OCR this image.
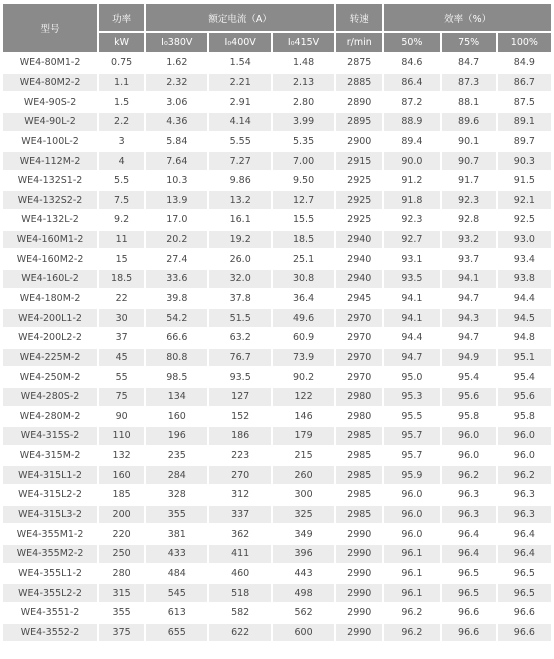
型号	功率	额定电流（A）			转速	效率（%）		
	kW	I₀380V	I₀400V	I₀415V	r/min	50%	75%	100%
WE4-80M1-2	0.75	1.62	1.54	1.48	2875	84.6	84.7	84.9
WE4-80M2-2	1.1	2.32	2.21	2.13	2885	86.4	87.3	86.7
WE4-90S-2	1.5	3.06	2.91	2.80	2890	87.2	88.1	87.5
WE4-90L-2	2.2	4.36	4.14	3.99	2895	88.9	89.6	89.1
WE4-100L-2	3	5.84	5.55	5.35	2900	89.4	90.1	89.7
WE4-112M-2	4	7.64	7.27	7.00	2915	90.0	90.7	90.3
WE4-132S1-2	5.5	10.3	9.86	9.50	2925	91.2	91.7	91.5
WE4-132S2-2	7.5	13.9	13.2	12.7	2925	91.8	92.3	92.1
WE4-132L-2	9.2	17.0	16.1	15.5	2925	92.3	92.8	92.5
WE4-160M1-2	11	20.2	19.2	18.5	2940	92.7	93.2	93.0
WE4-160M2-2	15	27.4	26.0	25.1	2940	93.1	93.7	93.4
WE4-160L-2	18.5	33.6	32.0	30.8	2940	93.5	94.1	93.8
WE4-180M-2	22	39.8	37.8	36.4	2945	94.1	94.7	94.4
WE4-200L1-2	30	54.2	51.5	49.6	2970	94.1	94.3	94.5
WE4-200L2-2	37	66.6	63.2	60.9	2970	94.4	94.7	94.8
WE4-225M-2	45	80.8	76.7	73.9	2970	94.7	94.9	95.1
WE4-250M-2	55	98.5	93.5	90.2	2970	95.0	95.4	95.4
WE4-280S-2	75	134	127	122	2980	95.3	95.6	95.6
WE4-280M-2	90	160	152	146	2980	95.5	95.8	95.8
WE4-315S-2	110	196	186	179	2985	95.7	96.0	96.0
WE4-315M-2	132	235	223	215	2985	95.7	96.0	96.0
WE4-315L1-2	160	284	270	260	2985	95.9	96.2	96.2
WE4-315L2-2	185	328	312	300	2985	96.0	96.3	96.3
WE4-315L3-2	200	355	337	325	2985	96.0	96.3	96.3
WE4-355M1-2	220	381	362	349	2990	96.0	96.4	96.4
WE4-355M2-2	250	433	411	396	2990	96.1	96.4	96.4
WE4-355L1-2	280	484	460	443	2990	96.1	96.5	96.5
WE4-355L2-2	315	545	518	498	2990	96.1	96.5	96.5
WE4-3551-2	355	613	582	562	2990	96.2	96.6	96.6
WE4-3552-2	375	655	622	600	2990	96.2	96.6	96.6
